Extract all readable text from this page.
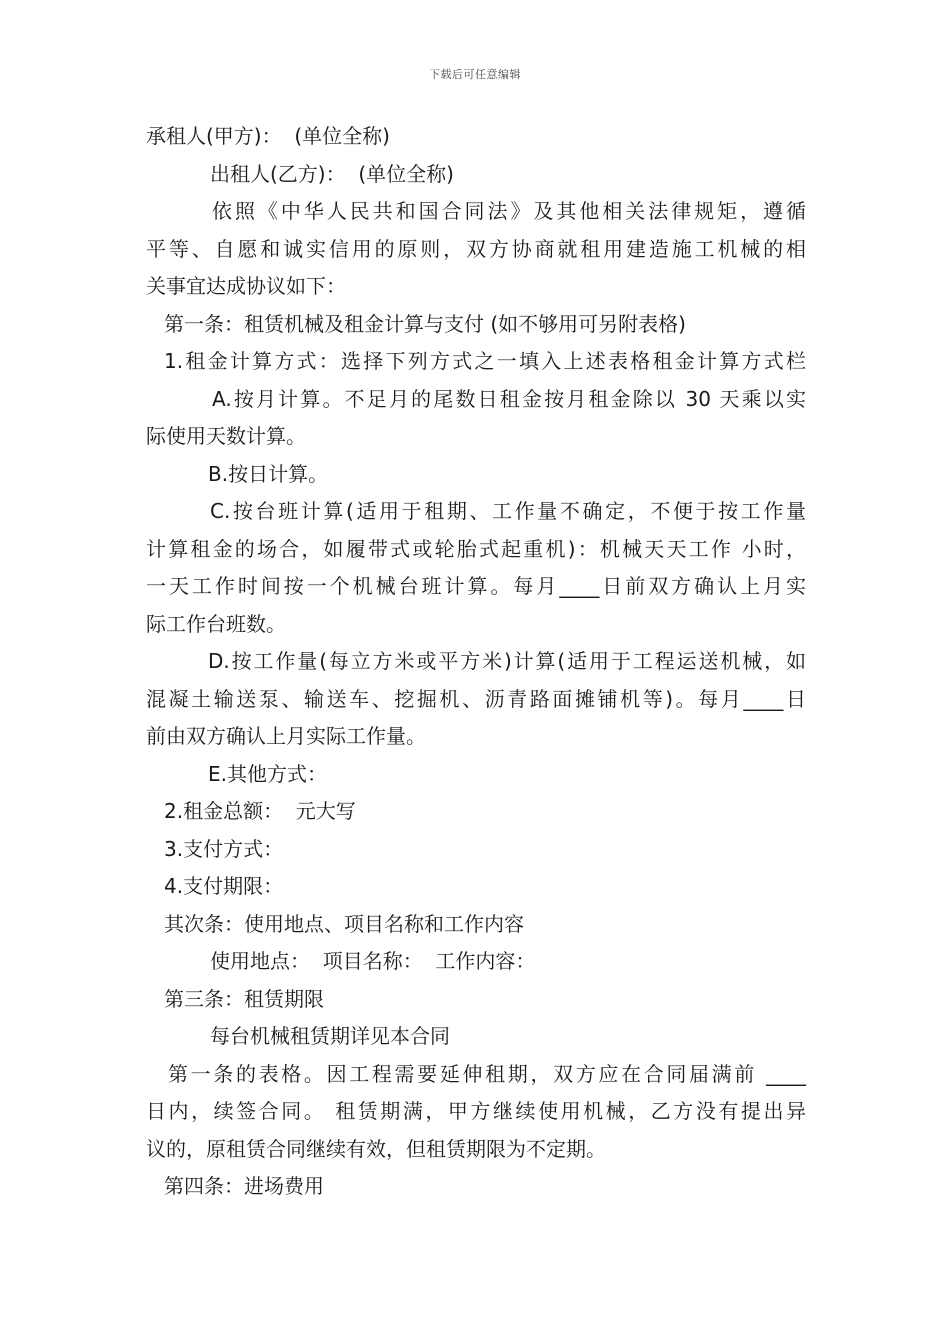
下载后可任意编辑
承租人(甲方)：  (单位全称)
出租人(乙方)：  (单位全称)
依照《中华人民共和国合同法》及其他相关法律规矩，遵循
平等、自愿和诚实信用的原则，双方协商就租用建造施工机械的相
关事宜达成协议如下：
第一条：租赁机械及租金计算与支付 (如不够用可另附表格)
1.租金计算方式：选择下列方式之一填入上述表格租金计算方式栏
A.按月计算。不足月的尾数日租金按月租金除以 30 天乘以实
际使用天数计算。
B.按日计算。
C.按台班计算(适用于租期、工作量不确定，不便于按工作量
计算租金的场合，如履带式或轮胎式起重机)：机械天天工作 小时，
一天工作时间按一个机械台班计算。每月____日前双方确认上月实
际工作台班数。
D.按工作量(每立方米或平方米)计算(适用于工程运送机械，如
混凝土输送泵、输送车、挖掘机、沥青路面摊铺机等)。每月____日
前由双方确认上月实际工作量。
E.其他方式：
2.租金总额：  元大写
3.支付方式：
4.支付期限：
其次条：使用地点、项目名称和工作内容
使用地点：  项目名称：  工作内容：
第三条：租赁期限
每台机械租赁期详见本合同
第一条的表格。因工程需要延伸租期，双方应在合同届满前 ____
日内，续签合同。 租赁期满，甲方继续使用机械，乙方没有提出异
议的，原租赁合同继续有效，但租赁期限为不定期。
第四条：进场费用
